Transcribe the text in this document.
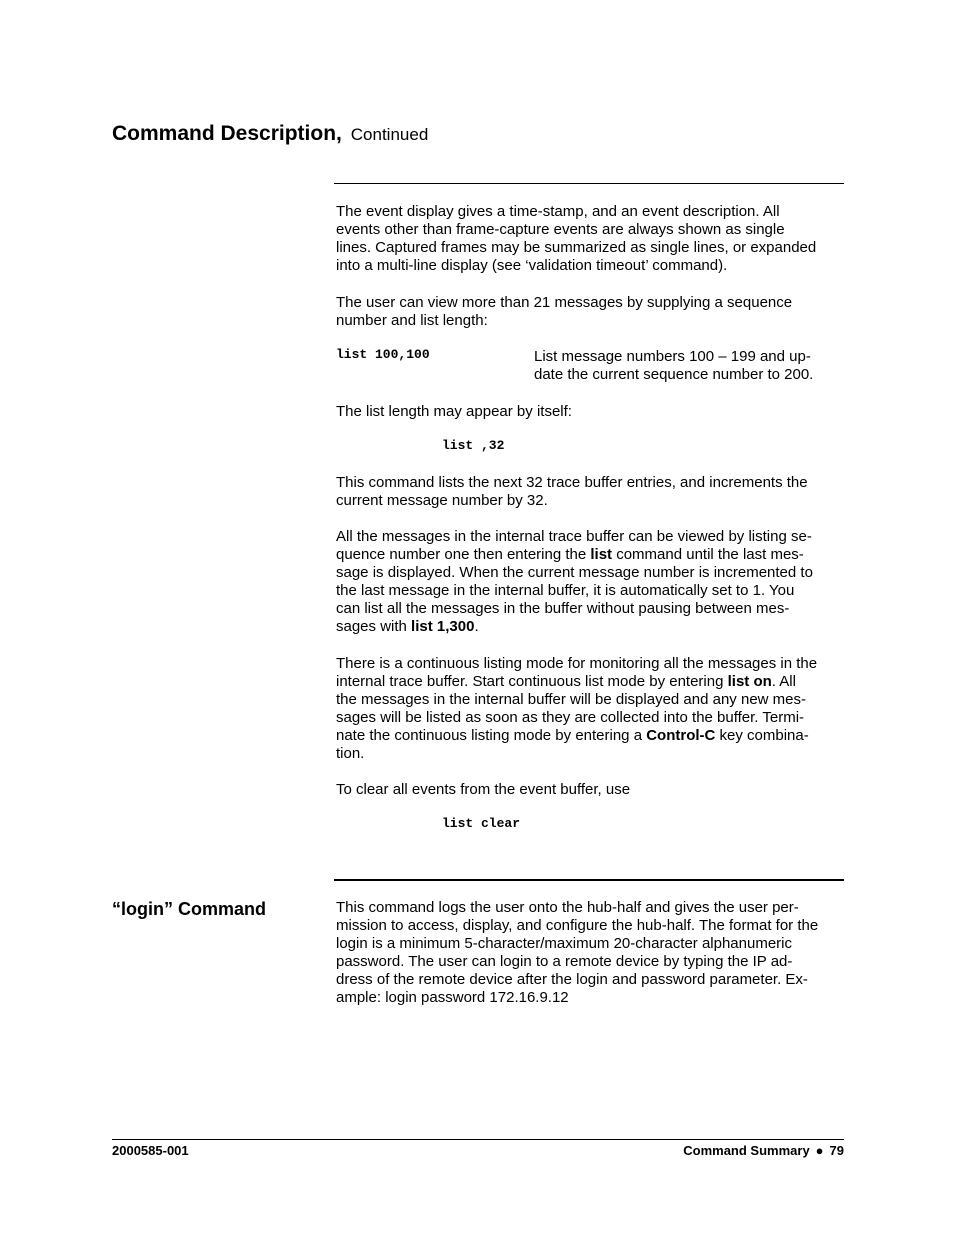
Command Description, Continued

The event display gives a time-stamp, and an event description. All
events other than frame-capture events are always shown as single
lines. Captured frames may be summarized as single lines, or expanded
into a multi-line display (see ‘validation timeout’ command).

The user can view more than 21 messages by supplying a sequence
number and list length:

list 100,100	List message numbers 100 – 199 and up-
date the current sequence number to 200.

The list length may appear by itself:

list ,32

This command lists the next 32 trace buffer entries, and increments the
current message number by 32.

All the messages in the internal trace buffer can be viewed by listing se-
quence number one then entering the list command until the last mes-
sage is displayed. When the current message number is incremented to
the last message in the internal buffer, it is automatically set to 1. You
can list all the messages in the buffer without pausing between mes-
sages with list 1,300.

There is a continuous listing mode for monitoring all the messages in the
internal trace buffer. Start continuous list mode by entering list on. All
the messages in the internal buffer will be displayed and any new mes-
sages will be listed as soon as they are collected into the buffer. Termi-
nate the continuous listing mode by entering a Control-C key combina-
tion.

To clear all events from the event buffer, use

list clear
“login” Command	This command logs the user onto the hub-half and gives the user per-
mission to access, display, and configure the hub-half. The format for the
login is a minimum 5-character/maximum 20-character alphanumeric
password. The user can login to a remote device by typing the IP ad-
dress of the remote device after the login and password parameter. Ex-
ample: login password 172.16.9.12

2000585-001	Command Summary ● 79
